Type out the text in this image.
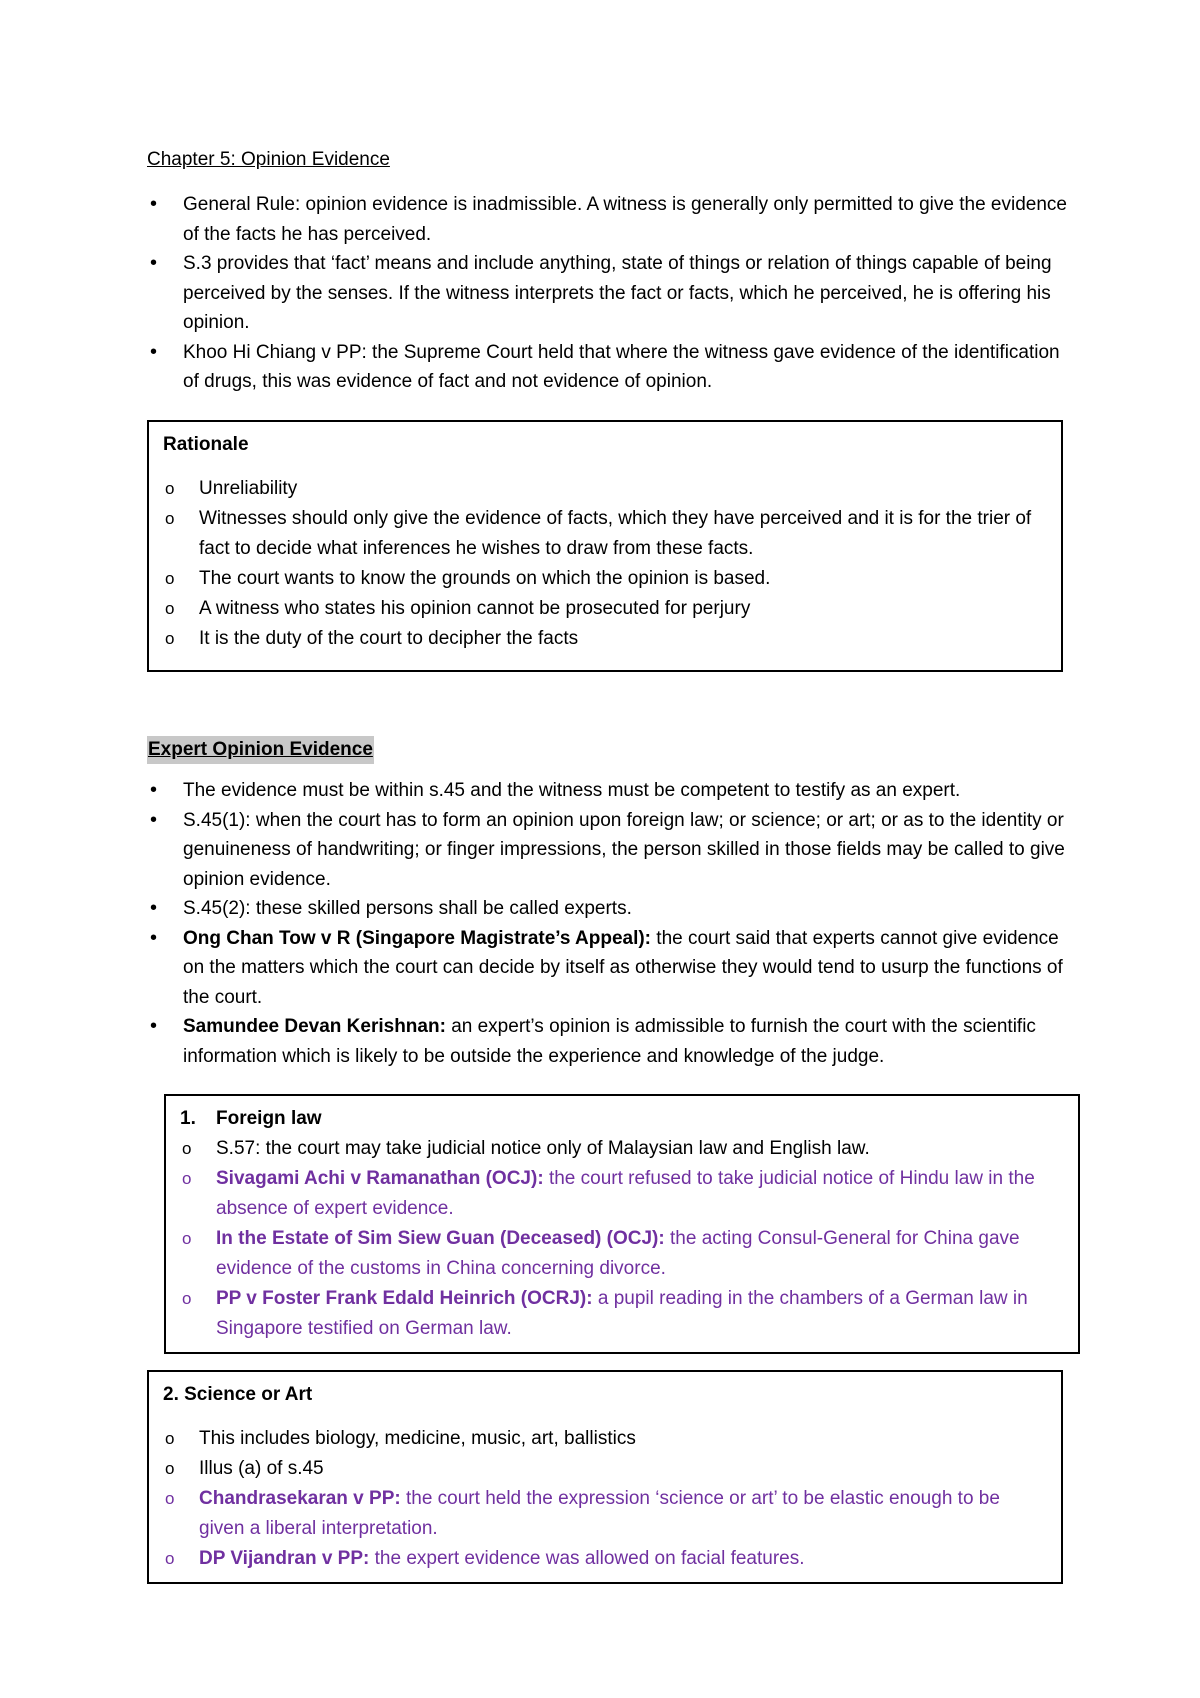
Chapter 5: Opinion Evidence
• General Rule: opinion evidence is inadmissible. A witness is generally only permitted to give the evidence of the facts he has perceived.
• S.3 provides that ‘fact’ means and include anything, state of things or relation of things capable of being perceived by the senses. If the witness interprets the fact or facts, which he perceived, he is offering his opinion.
• Khoo Hi Chiang v PP: the Supreme Court held that where the witness gave evidence of the identification of drugs, this was evidence of fact and not evidence of opinion.
Rationale
o Unreliability
o Witnesses should only give the evidence of facts, which they have perceived and it is for the trier of fact to decide what inferences he wishes to draw from these facts.
o The court wants to know the grounds on which the opinion is based.
o A witness who states his opinion cannot be prosecuted for perjury
o It is the duty of the court to decipher the facts
Expert Opinion Evidence
• The evidence must be within s.45 and the witness must be competent to testify as an expert.
• S.45(1): when the court has to form an opinion upon foreign law; or science; or art; or as to the identity or genuineness of handwriting; or finger impressions, the person skilled in those fields may be called to give opinion evidence.
• S.45(2): these skilled persons shall be called experts.
• Ong Chan Tow v R (Singapore Magistrate’s Appeal): the court said that experts cannot give evidence on the matters which the court can decide by itself as otherwise they would tend to usurp the functions of the court.
• Samundee Devan Kerishnan: an expert’s opinion is admissible to furnish the court with the scientific information which is likely to be outside the experience and knowledge of the judge.
1. Foreign law
o S.57: the court may take judicial notice only of Malaysian law and English law.
o Sivagami Achi v Ramanathan (OCJ): the court refused to take judicial notice of Hindu law in the absence of expert evidence.
o In the Estate of Sim Siew Guan (Deceased) (OCJ): the acting Consul-General for China gave evidence of the customs in China concerning divorce.
o PP v Foster Frank Edald Heinrich (OCRJ): a pupil reading in the chambers of a German law in Singapore testified on German law.
2. Science or Art
o This includes biology, medicine, music, art, ballistics
o Illus (a) of s.45
o Chandrasekaran v PP: the court held the expression ‘science or art’ to be elastic enough to be given a liberal interpretation.
o DP Vijandran v PP: the expert evidence was allowed on facial features.
